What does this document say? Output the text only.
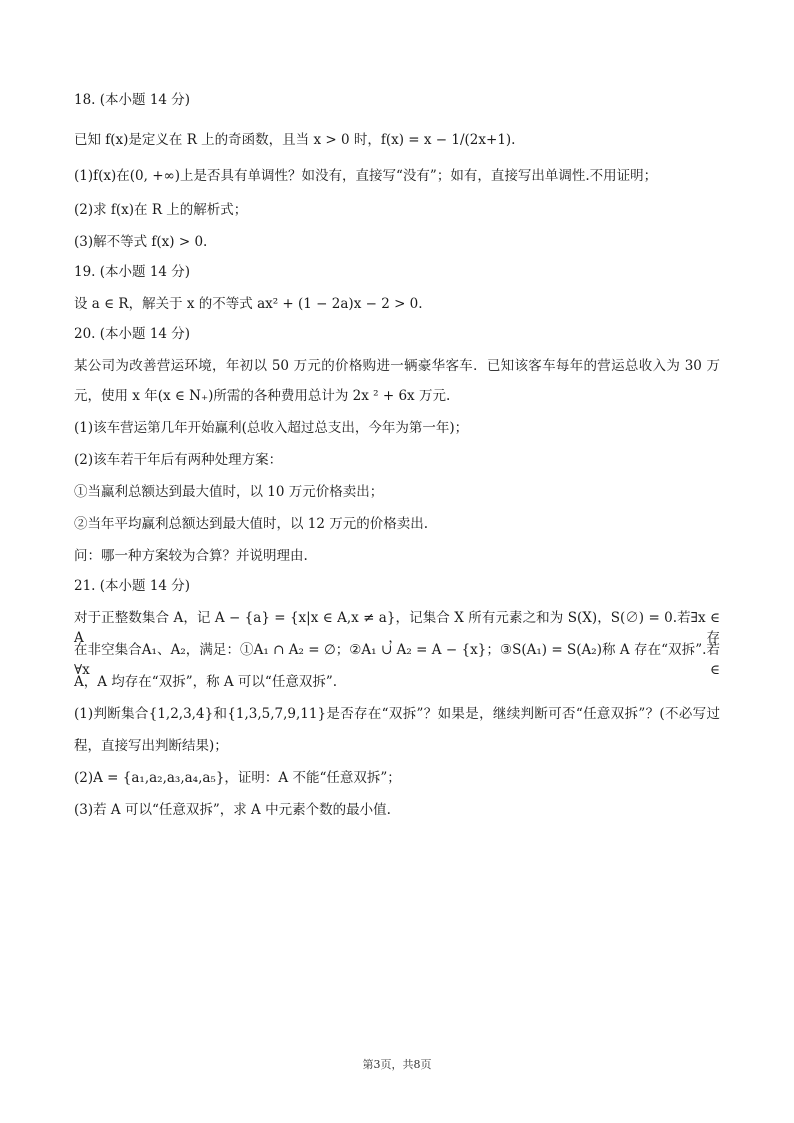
18. (本小题 14 分)
已知 f(x)是定义在 R 上的奇函数，且当 x > 0 时，f(x) = x − 1/(2x+1).
(1)f(x)在(0, +∞)上是否具有单调性？如没有，直接写“没有”；如有，直接写出单调性.不用证明；
(2)求 f(x)在 R 上的解析式；
(3)解不等式 f(x) > 0.
19. (本小题 14 分)
设 a ∈ R，解关于 x 的不等式 ax² + (1 − 2a)x − 2 > 0.
20. (本小题 14 分)
某公司为改善营运环境，年初以 50 万元的价格购进一辆豪华客车．已知该客车每年的营运总收入为 30 万
元，使用 x 年(x ∈ N₊)所需的各种费用总计为 2x ² + 6x 万元.
(1)该车营运第几年开始赢利(总收入超过总支出，今年为第一年)；
(2)该车若干年后有两种处理方案：
①当赢利总额达到最大值时，以 10 万元价格卖出；
②当年平均赢利总额达到最大值时，以 12 万元的价格卖出.
问：哪一种方案较为合算？并说明理由.
21. (本小题 14 分)
对于正整数集合 A，记 A − {a} = {x|x ∈ A,x ≠ a}，记集合 X 所有元素之和为 S(X)，S(∅) = 0.若∃x ∈ A，存
在非空集合A₁、A₂，满足：①A₁ ∩ A₂ = ∅；②A₁ ∪ A₂ = A − {x}；③S(A₁) = S(A₂)称 A 存在“双拆”.若∀x ∈
A，A 均存在“双拆”，称 A 可以“任意双拆”.
(1)判断集合{1,2,3,4}和{1,3,5,7,9,11}是否存在“双拆”？如果是，继续判断可否“任意双拆”？(不必写过
程，直接写出判断结果)；
(2)A = {a₁,a₂,a₃,a₄,a₅}，证明：A 不能“任意双拆”；
(3)若 A 可以“任意双拆”，求 A 中元素个数的最小值.
第3页，共8页
